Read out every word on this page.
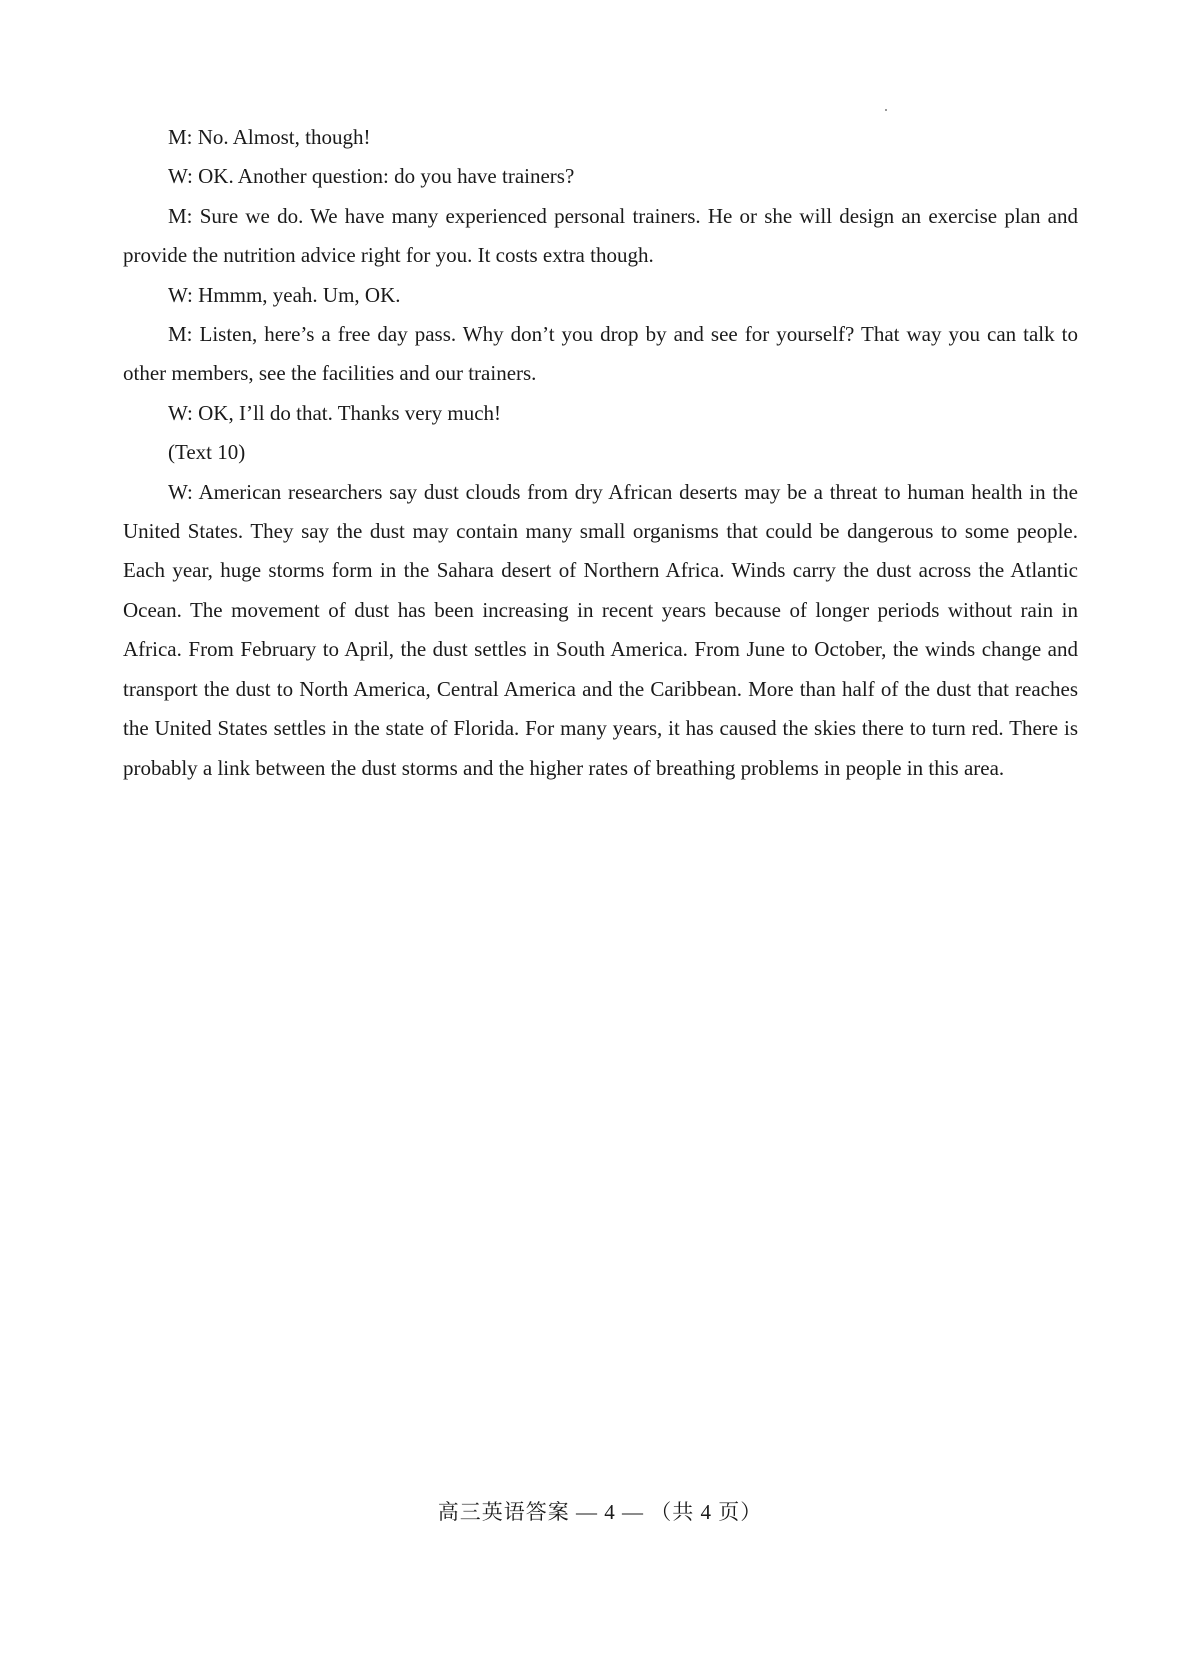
M: No. Almost, though!

W: OK. Another question: do you have trainers?

M: Sure we do. We have many experienced personal trainers. He or she will design an exercise plan and provide the nutrition advice right for you. It costs extra though.

W: Hmmm, yeah. Um, OK.

M: Listen, here’s a free day pass. Why don’t you drop by and see for yourself? That way you can talk to other members, see the facilities and our trainers.

W: OK, I’ll do that. Thanks very much!

(Text 10)

W: American researchers say dust clouds from dry African deserts may be a threat to human health in the United States. They say the dust may contain many small organisms that could be dangerous to some people. Each year, huge storms form in the Sahara desert of Northern Africa. Winds carry the dust across the Atlantic Ocean. The movement of dust has been increasing in recent years because of longer periods without rain in Africa. From February to April, the dust settles in South America. From June to October, the winds change and transport the dust to North America, Central America and the Caribbean. More than half of the dust that reaches the United States settles in the state of Florida. For many years, it has caused the skies there to turn red. There is probably a link between the dust storms and the higher rates of breathing problems in people in this area.

高三英语答案 — 4 — （共 4 页）
